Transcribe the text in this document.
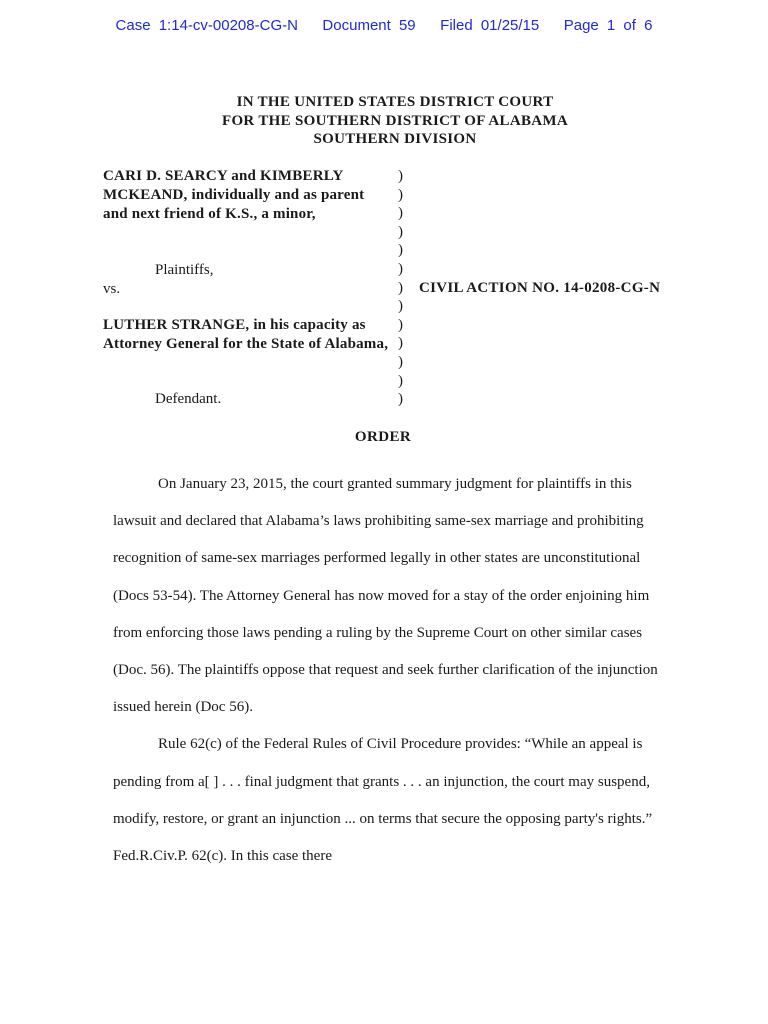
Case 1:14-cv-00208-CG-N   Document 59   Filed 01/25/15   Page 1 of 6
IN THE UNITED STATES DISTRICT COURT
FOR THE SOUTHERN DISTRICT OF ALABAMA
SOUTHERN DIVISION
CARI D. SEARCY and KIMBERLY MCKEAND, individually and as parent and next friend of K.S., a minor,
Plaintiffs,
vs.
LUTHER STRANGE, in his capacity as Attorney General for the State of Alabama,
Defendant.
)
)
)
)
)
)
)
)
)
)
)
)
)
CIVIL ACTION NO. 14-0208-CG-N
ORDER

On January 23, 2015, the court granted summary judgment for plaintiffs in this lawsuit and declared that Alabama’s laws prohibiting same-sex marriage and prohibiting recognition of same-sex marriages performed legally in other states are unconstitutional (Docs 53-54). The Attorney General has now moved for a stay of the order enjoining him from enforcing those laws pending a ruling by the Supreme Court on other similar cases (Doc. 56). The plaintiffs oppose that request and seek further clarification of the injunction issued herein (Doc 56).

Rule 62(c) of the Federal Rules of Civil Procedure provides: “While an appeal is pending from a[ ] . . . final judgment that grants . . . an injunction, the court may suspend, modify, restore, or grant an injunction ... on terms that secure the opposing party's rights.” Fed.R.Civ.P. 62(c). In this case there
